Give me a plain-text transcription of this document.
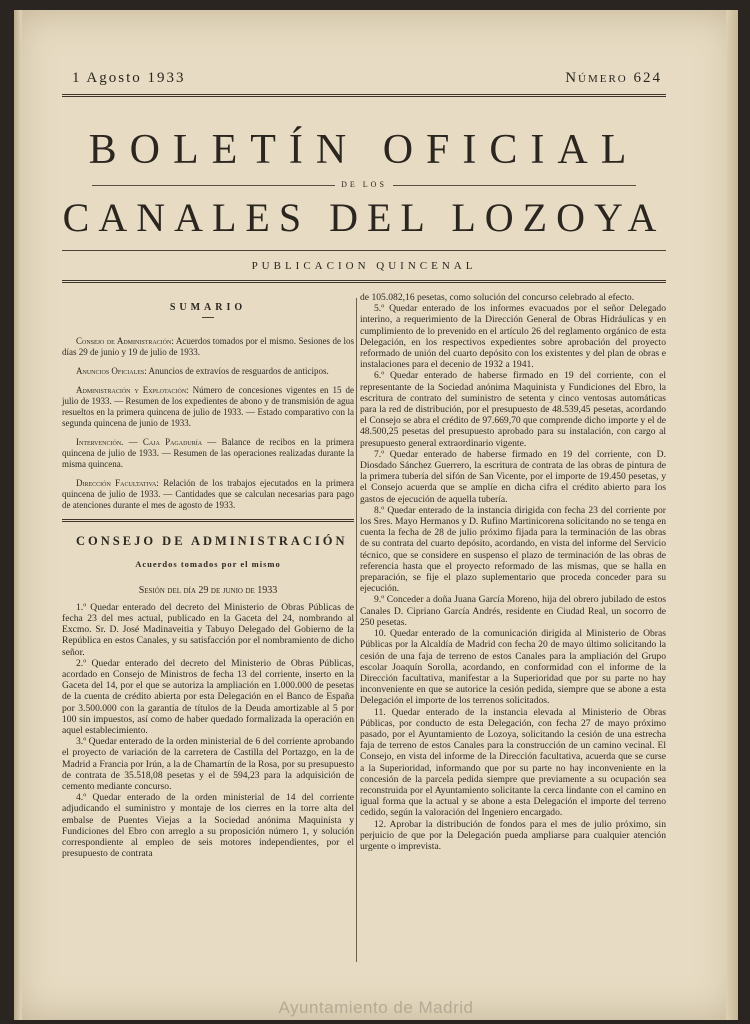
1 Agosto 1933	Número 624
BOLETÍN OFICIAL
DE LOS
CANALES DEL LOZOYA
PUBLICACION QUINCENAL
SUMARIO

Consejo de Administración: Acuerdos tomados por el mismo. Sesiones de los días 29 de junio y 19 de julio de 1933.

Anuncios Oficiales: Anuncios de extravíos de resguardos de anticipos.

Administración y Explotación: Número de concesiones vigentes en 15 de julio de 1933. — Resumen de los expedientes de abono y de transmisión de agua resueltos en la primera quincena de julio de 1933. — Estado comparativo con la segunda quincena de junio de 1933.

Intervención. — Caja Pagaduría — Balance de recibos en la primera quincena de julio de 1933. — Resumen de las operaciones realizadas durante la misma quincena.

Dirección Facultativa: Relación de los trabajos ejecutados en la primera quincena de julio de 1933. — Cantidades que se calculan necesarias para pago de atenciones durante el mes de agosto de 1933.

CONSEJO DE ADMINISTRACIÓN
Acuerdos tomados por el mismo
Sesión del día 29 de junio de 1933

1.º Quedar enterado del decreto del Ministerio de Obras Públicas de fecha 23 del mes actual, publicado en la Gaceta del 24, nombrando al Excmo. Sr. D. José Madinaveitia y Tabuyo Delegado del Gobierno de la República en estos Canales, y su satisfacción por el nombramiento de dicho señor.

2.º Quedar enterado del decreto del Ministerio de Obras Públicas, acordado en Consejo de Ministros de fecha 13 del corriente, inserto en la Gaceta del 14, por el que se autoriza la ampliación en 1.000.000 de pesetas de la cuenta de crédito abierta por esta Delegación en el Banco de España por 3.500.000 con la garantía de títulos de la Deuda amortizable al 5 por 100 sin impuestos, así como de haber quedado formalizada la operación en aquel establecimiento.

3.º Quedar enterado de la orden ministerial de 6 del corriente aprobando el proyecto de variación de la carretera de Castilla del Portazgo, en la de Madrid a Francia por Irún, a la de Chamartín de la Rosa, por su presupuesto de contrata de 35.518,08 pesetas y el de 594,23 para la adquisición de cemento mediante concurso.

4.º Quedar enterado de la orden ministerial de 14 del corriente adjudicando el suministro y montaje de los cierres en la torre alta del embalse de Puentes Viejas a la Sociedad anónima Maquinista y Fundiciones del Ebro con arreglo a su proposición número 1, y solución correspondiente al empleo de seis motores independientes, por el presupuesto de contrata

de 105.082,16 pesetas, como solución del concurso celebrado al efecto.

5.º Quedar enterado de los informes evacuados por el señor Delegado interino, a requerimiento de la Dirección General de Obras Hidráulicas y en cumplimiento de lo prevenido en el artículo 26 del reglamento orgánico de esta Delegación, en los respectivos expedientes sobre aprobación del proyecto reformado de unión del cuarto depósito con los existentes y del plan de obras e instalaciones para el decenio de 1932 a 1941.

6.º Quedar enterado de haberse firmado en 19 del corriente, con el representante de la Sociedad anónima Maquinista y Fundiciones del Ebro, la escritura de contrato del suministro de setenta y cinco ventosas automáticas para la red de distribución, por el presupuesto de 48.539,45 pesetas, acordando el Consejo se abra el crédito de 97.669,70 que comprende dicho importe y el de 48.500,25 pesetas del presupuesto aprobado para su instalación, con cargo al presupuesto general extraordinario vigente.

7.º Quedar enterado de haberse firmado en 19 del corriente, con D. Diosdado Sánchez Guerrero, la escritura de contrata de las obras de pintura de la primera tubería del sifón de San Vicente, por el importe de 19.450 pesetas, y el Consejo acuerda que se amplíe en dicha cifra el crédito abierto para los gastos de ejecución de aquella tubería.

8.º Quedar enterado de la instancia dirigida con fecha 23 del corriente por los Sres. Mayo Hermanos y D. Rufino Martinicorena solicitando no se tenga en cuenta la fecha de 28 de julio próximo fijada para la terminación de las obras de su contrata del cuarto depósito, acordando, en vista del informe del Servicio técnico, que se considere en suspenso el plazo de terminación de las obras de referencia hasta que el proyecto reformado de las mismas, que se halla en preparación, se fije el plazo suplementario que proceda conceder para su ejecución.

9.º Conceder a doña Juana García Moreno, hija del obrero jubilado de estos Canales D. Cipriano García Andrés, residente en Ciudad Real, un socorro de 250 pesetas.

10. Quedar enterado de la comunicación dirigida al Ministerio de Obras Públicas por la Alcaldía de Madrid con fecha 20 de mayo último solicitando la cesión de una faja de terreno de estos Canales para la ampliación del Grupo escolar Joaquín Sorolla, acordando, en conformidad con el informe de la Dirección facultativa, manifestar a la Superioridad que por su parte no hay inconveniente en que se autorice la cesión pedida, siempre que se abone a esta Delegación el importe de los terrenos solicitados.

11. Quedar enterado de la instancia elevada al Ministerio de Obras Públicas, por conducto de esta Delegación, con fecha 27 de mayo próximo pasado, por el Ayuntamiento de Lozoya, solicitando la cesión de una estrecha faja de terreno de estos Canales para la construcción de un camino vecinal. El Consejo, en vista del informe de la Dirección facultativa, acuerda que se curse a la Superioridad, informando que por su parte no hay inconveniente en la concesión de la parcela pedida siempre que previamente a su ocupación sea reconstruida por el Ayuntamiento solicitante la cerca lindante con el camino en igual forma que la actual y se abone a esta Delegación el importe del terreno cedido, según la valoración del Ingeniero encargado.

12. Aprobar la distribución de fondos para el mes de julio próximo, sin perjuicio de que por la Delegación pueda ampliarse para cualquier atención urgente o imprevista.

Ayuntamiento de Madrid
